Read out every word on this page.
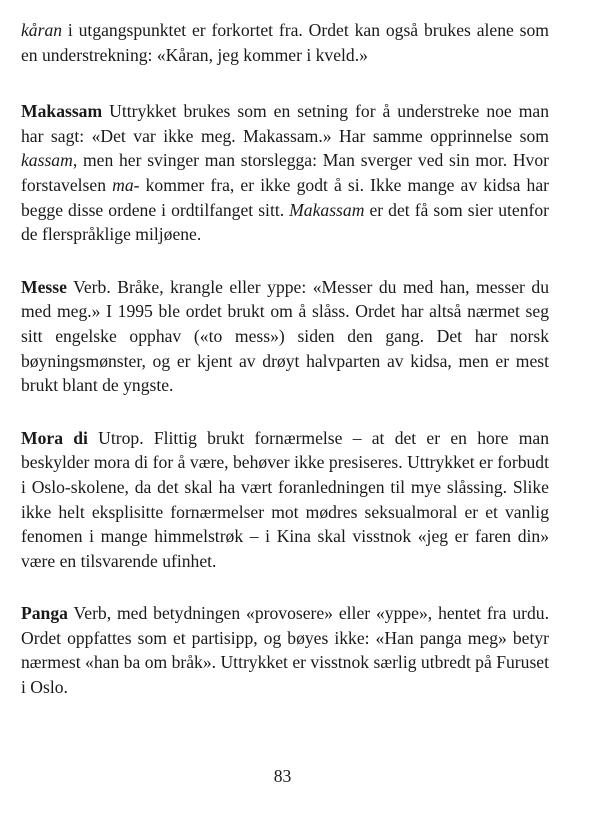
kåran i utgangspunktet er forkortet fra. Ordet kan også brukes alene som en understrekning: «Kåran, jeg kommer i kveld.»

Makassam Uttrykket brukes som en setning for å understreke noe man har sagt: «Det var ikke meg. Makassam.» Har samme opprinnelse som kassam, men her svinger man storslegga: Man sverger ved sin mor. Hvor forstavelsen ma- kommer fra, er ikke godt å si. Ikke mange av kidsa har begge disse ordene i ordtilfanget sitt. Makassam er det få som sier utenfor de flerspråklige miljøene.

Messe Verb. Bråke, krangle eller yppe: «Messer du med han, messer du med meg.» I 1995 ble ordet brukt om å slåss. Ordet har altså nærmet seg sitt engelske opphav («to mess») siden den gang. Det har norsk bøyningsmønster, og er kjent av drøyt halvparten av kidsa, men er mest brukt blant de yngste.

Mora di Utrop. Flittig brukt fornærmelse – at det er en hore man beskylder mora di for å være, behøver ikke presiseres. Uttrykket er forbudt i Oslo-skolene, da det skal ha vært foranledningen til mye slåssing. Slike ikke helt eksplisitte fornærmelser mot mødres seksualmoral er et vanlig fenomen i mange himmelstrøk – i Kina skal visstnok «jeg er faren din» være en tilsvarende ufinhet.

Panga Verb, med betydningen «provosere» eller «yppe», hentet fra urdu. Ordet oppfattes som et partisipp, og bøyes ikke: «Han panga meg» betyr nærmest «han ba om bråk». Uttrykket er visstnok særlig utbredt på Furuset i Oslo.

83
